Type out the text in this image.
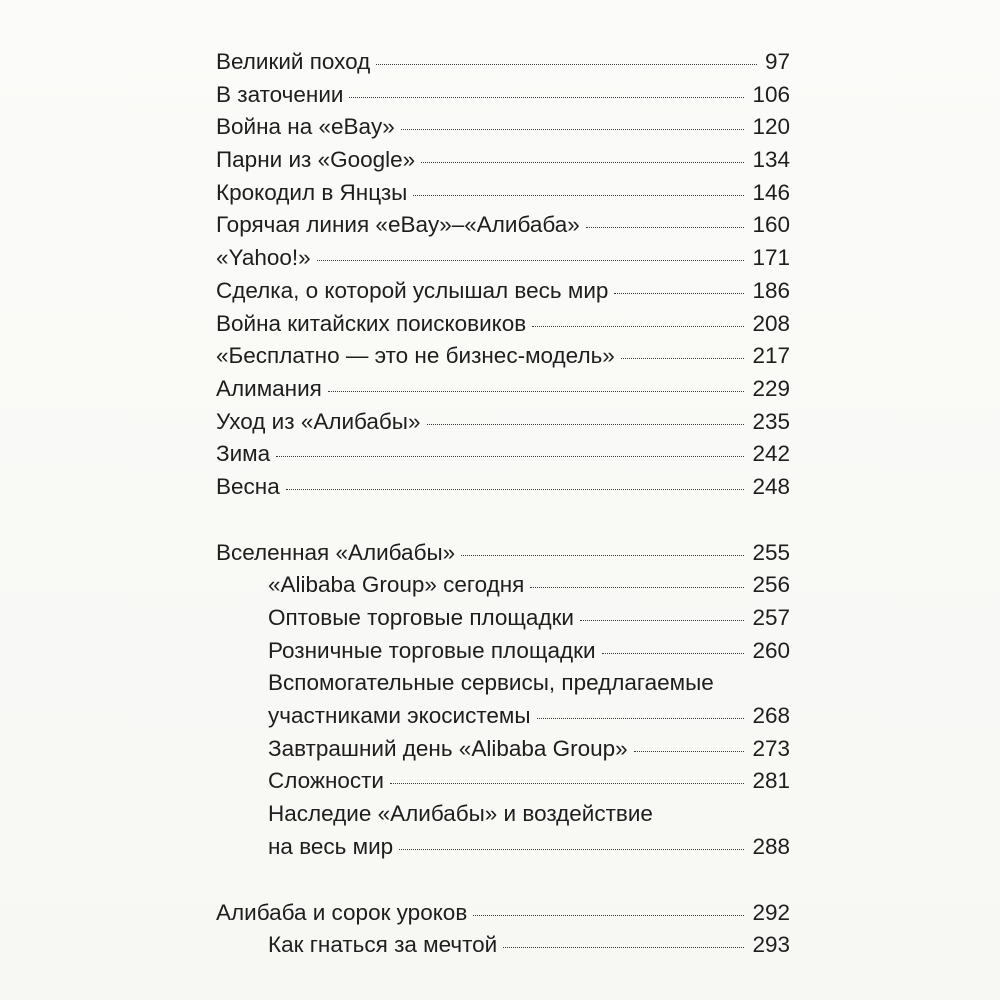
Великий поход	97
В заточении	106
Война на «eBay»	120
Парни из «Google»	134
Крокодил в Янцзы	146
Горячая линия «eBay»–«Алибаба»	160
«Yahoo!»	171
Сделка, о которой услышал весь мир	186
Война китайских поисковиков	208
«Бесплатно — это не бизнес-модель»	217
Алимания	229
Уход из «Алибабы»	235
Зима	242
Весна	248
Вселенная «Алибабы»	255
«Alibaba Group» сегодня	256
Оптовые торговые площадки	257
Розничные торговые площадки	260
Вспомогательные сервисы, предлагаемые
участниками экосистемы	268
Завтрашний день «Alibaba Group»	273
Сложности	281
Наследие «Алибабы» и воздействие
на весь мир	288
Алибаба и сорок уроков	292
Как гнаться за мечтой	293
